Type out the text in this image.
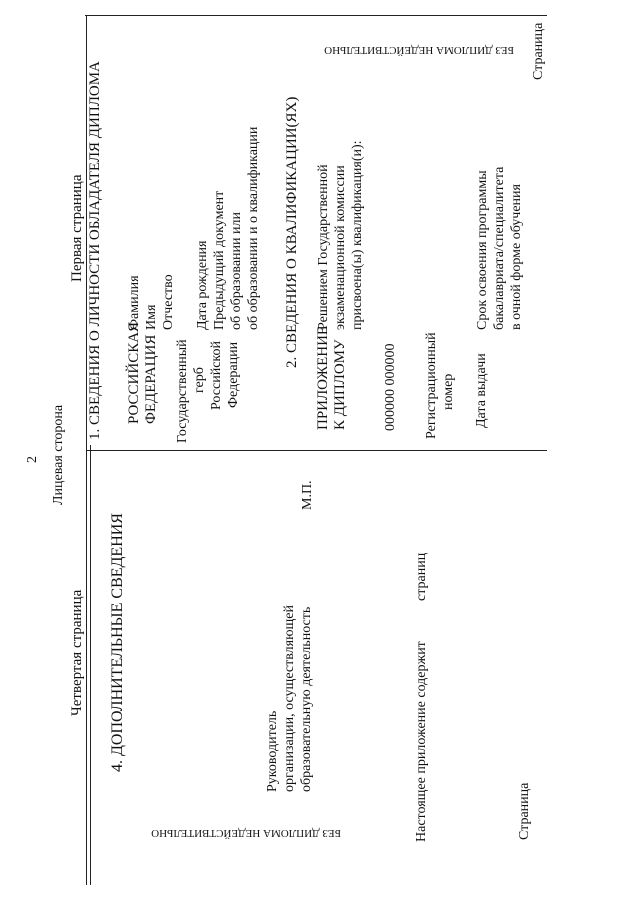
2 Лицевая сторона
Четвертая страница 4. ДОПОЛНИТЕЛЬНЫЕ СВЕДЕНИЯ
М.П.
Руководитель организации, осуществляющей образовательную деятельность	Настоящее приложение содержит
страниц
БЕЗ ДИПЛОМА НЕДЕЙСТВИТЕЛЬНО	Страница
Первая страница 1. СВЕДЕНИЯ О ЛИЧНОСТИ ОБЛАДАТЕЛЯ ДИПЛОМА РОССИЙСКАЯ ФЕДЕРАЦИЯ Государственный герб Российской Федерации
Фамилия Имя Отчество Дата рождения Предыдущий документ об образовании или об образовании и о квалификации 2. СВЕДЕНИЯ О КВАЛИФИКАЦИИ(ЯХ)
ПРИЛОЖЕНИЕ К ДИПЛОМУ
Решением Государственной экзаменационной комиссии присвоена(ы) квалификация(и):
000000 000000 Регистрационный номер Дата выдачи
Срок освоения программы бакалавриата/специалитета в очной форме обучения
БЕЗ ДИПЛОМА НЕДЕЙСТВИТЕЛЬНО Страница
